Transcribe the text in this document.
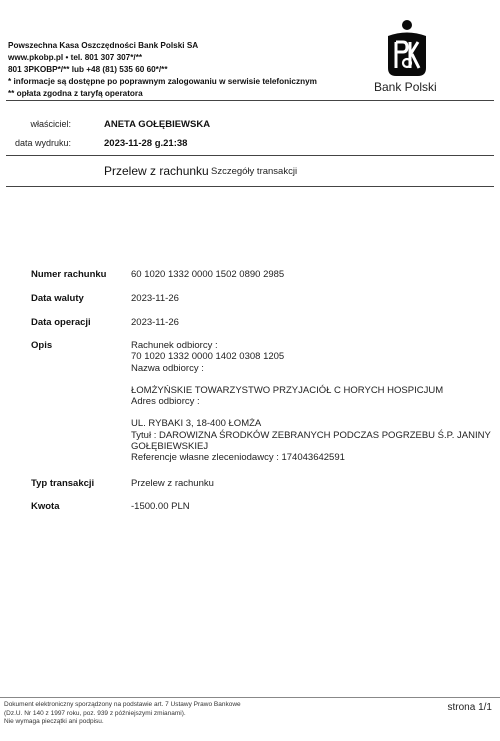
Powszechna Kasa Oszczędności Bank Polski SA
www.pkobp.pl • tel. 801 307 307*/**
801 3PKOBP*/** lub +48 (81) 535 60 60*/**
* informacje są dostępne po poprawnym zalogowaniu w serwisie telefonicznym
** opłata zgodna z taryfą operatora	Bank Polski
właściciel:	ANETA GOŁĘBIEWSKA
data wydruku:	2023-11-28 g.21:38
Przelew z rachunku Szczegóły transakcji
Numer rachunku	60 1020 1332 0000 1502 0890 2985
Data waluty	2023-11-26
Data operacji	2023-11-26
Opis	Rachunek odbiorcy :
70 1020 1332 0000 1402 0308 1205
Nazwa odbiorcy :
ŁOMŻYŃSKIE TOWARZYSTWO PRZYJACIÓŁ C HORYCH HOSPICJUM
Adres odbiorcy :
UL. RYBAKI 3, 18-400 ŁOMŻA
Tytuł : DAROWIZNA ŚRODKÓW ZEBRANYCH PODCZAS POGRZEBU Ś.P. JANINY
GOŁĘBIEWSKIEJ
Referencje własne zleceniodawcy : 174043642591
Typ transakcji	Przelew z rachunku
Kwota	-1500.00 PLN
Dokument elektroniczny sporządzony na podstawie art. 7 Ustawy Prawo Bankowe
(Dz.U. Nr 140 z 1997 roku, poz. 939 z późniejszymi zmianami).
Nie wymaga pieczątki ani podpisu.
strona 1/1
